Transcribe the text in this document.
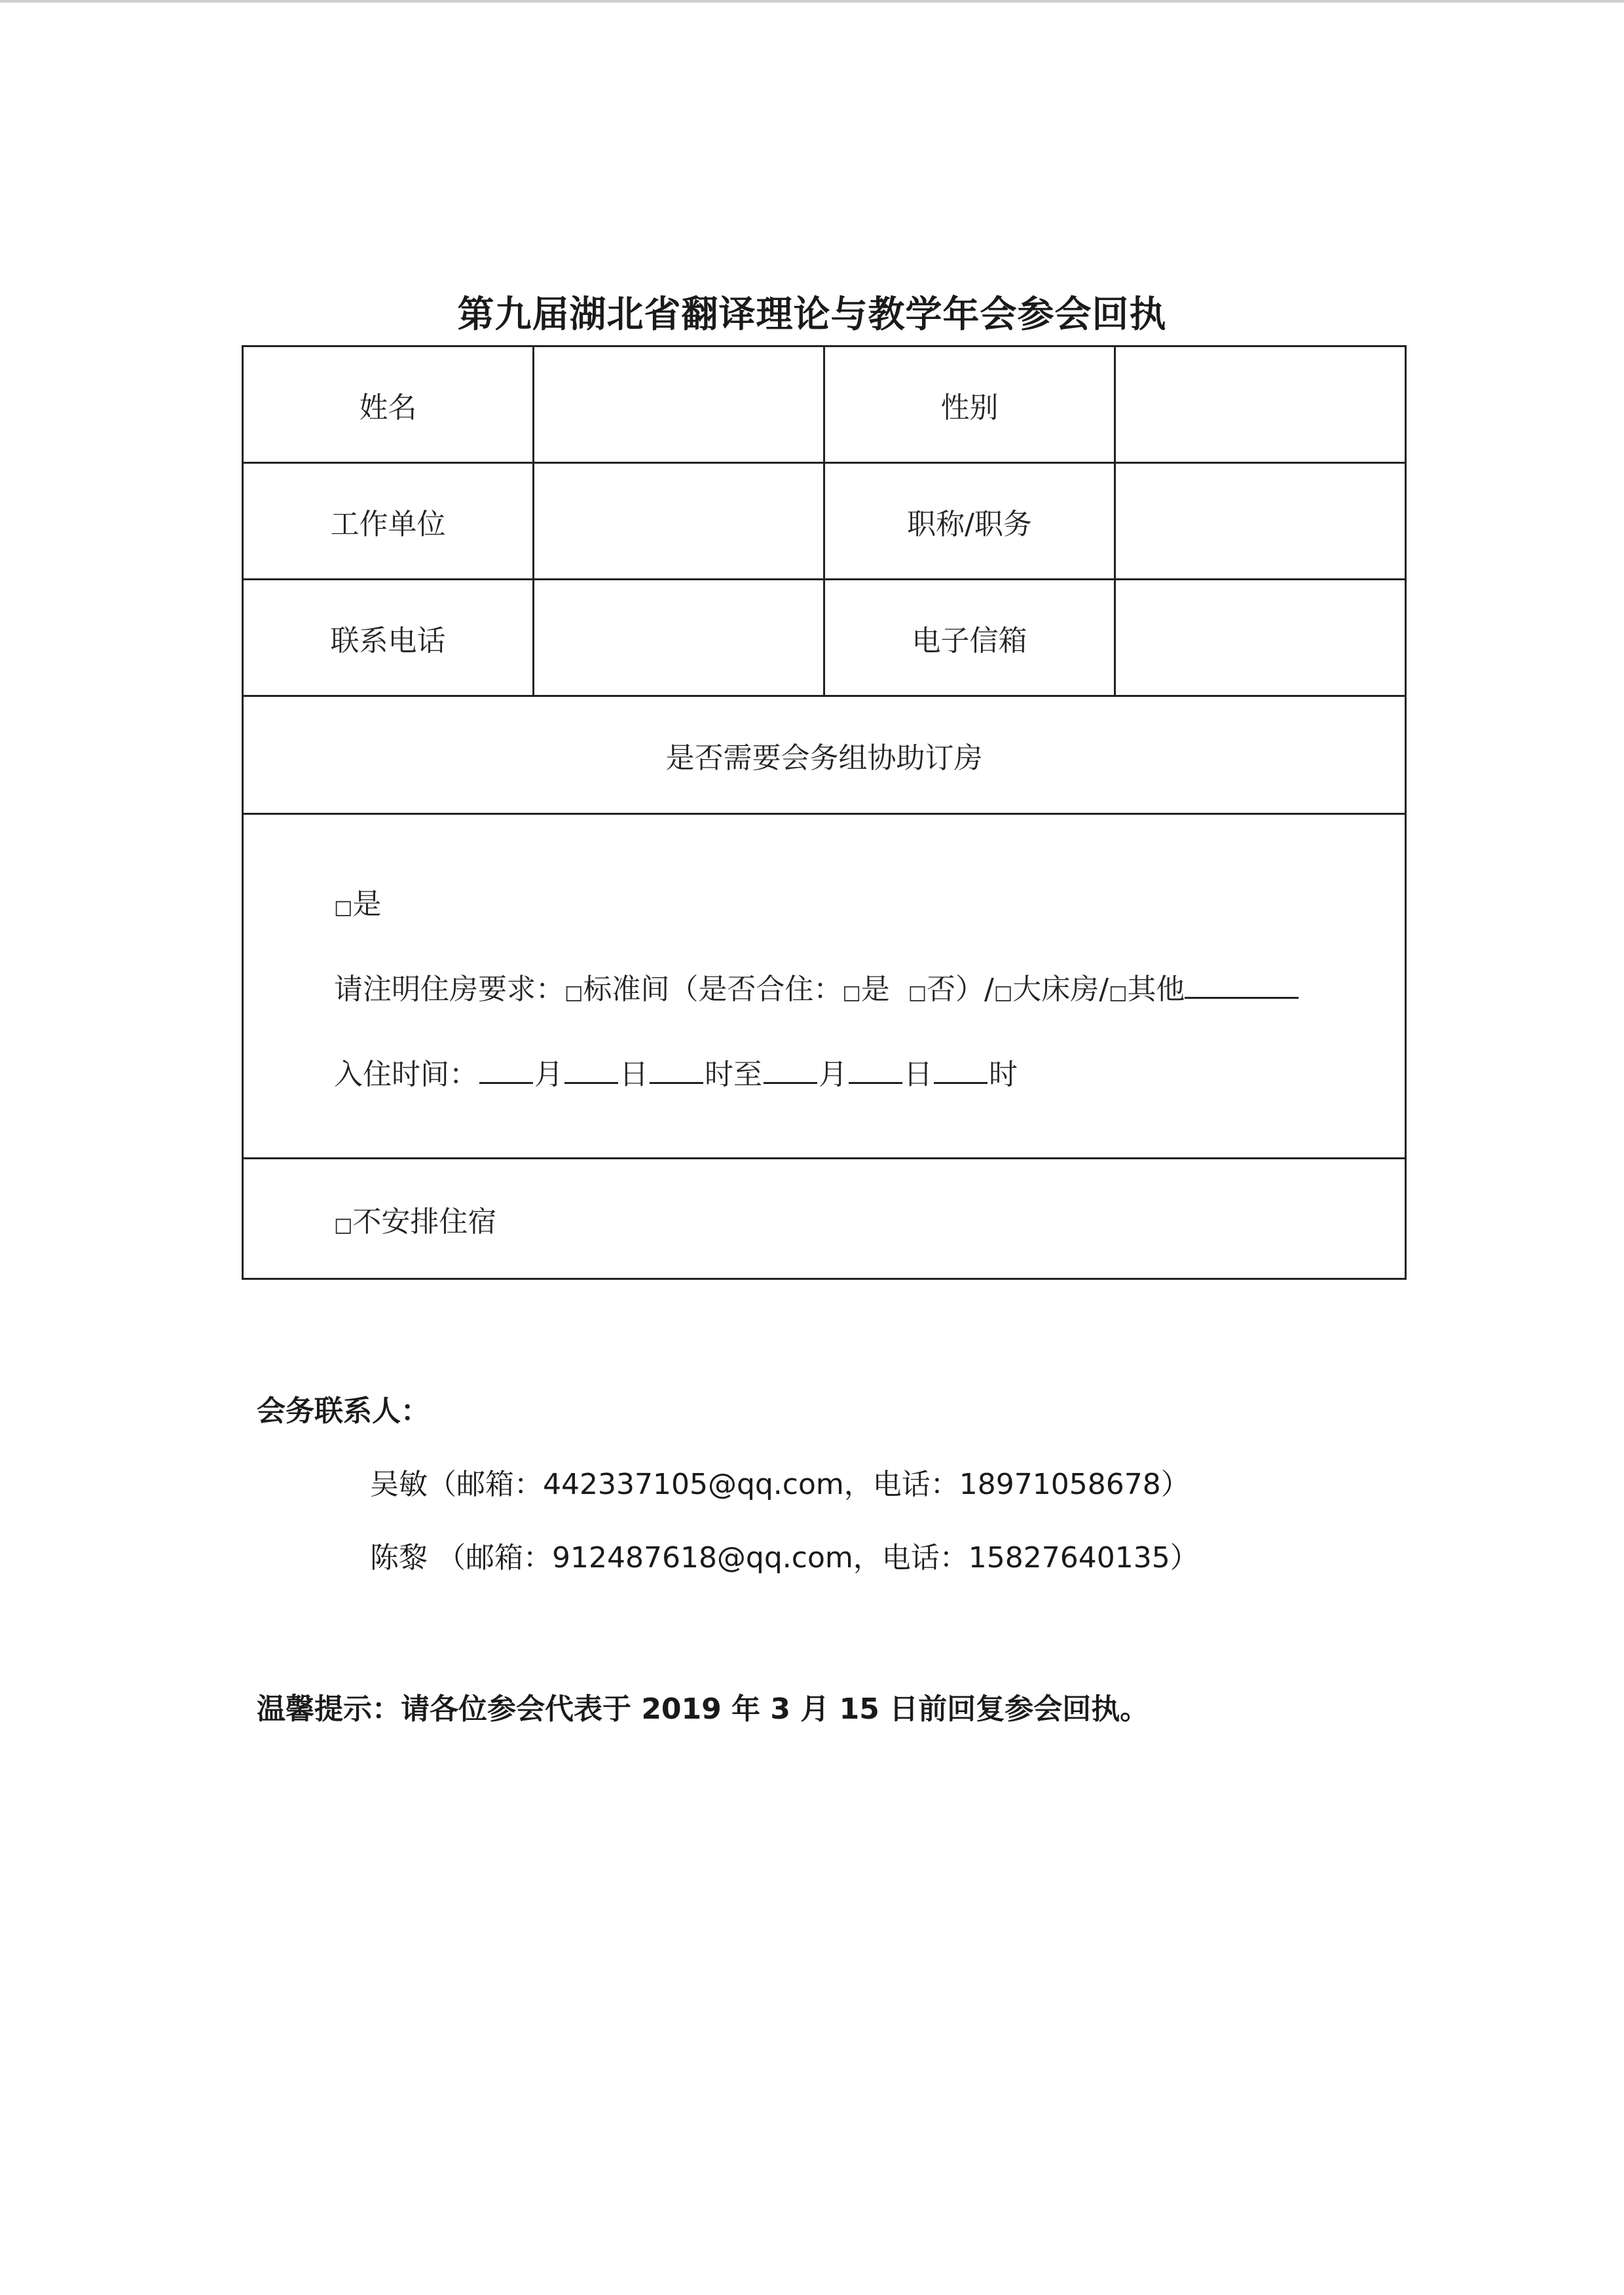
第九届湖北省翻译理论与教学年会参会回执
姓名		性别	
工作单位		职称/职务	
联系电话		电子信箱	
是否需要会务组协助订房			

□是
请注明住房要求：□标准间（是否合住：□是 □否）/□大床房/□其他
入住时间： 月 日 时至 月 日 时			

□不安排住宿			
会务联系人：
吴敏（邮箱：442337105@qq.com，电话：18971058678）
陈黎 （邮箱：912487618@qq.com，电话：15827640135）
温馨提示：请各位参会代表于 2019 年 3 月 15 日前回复参会回执。
